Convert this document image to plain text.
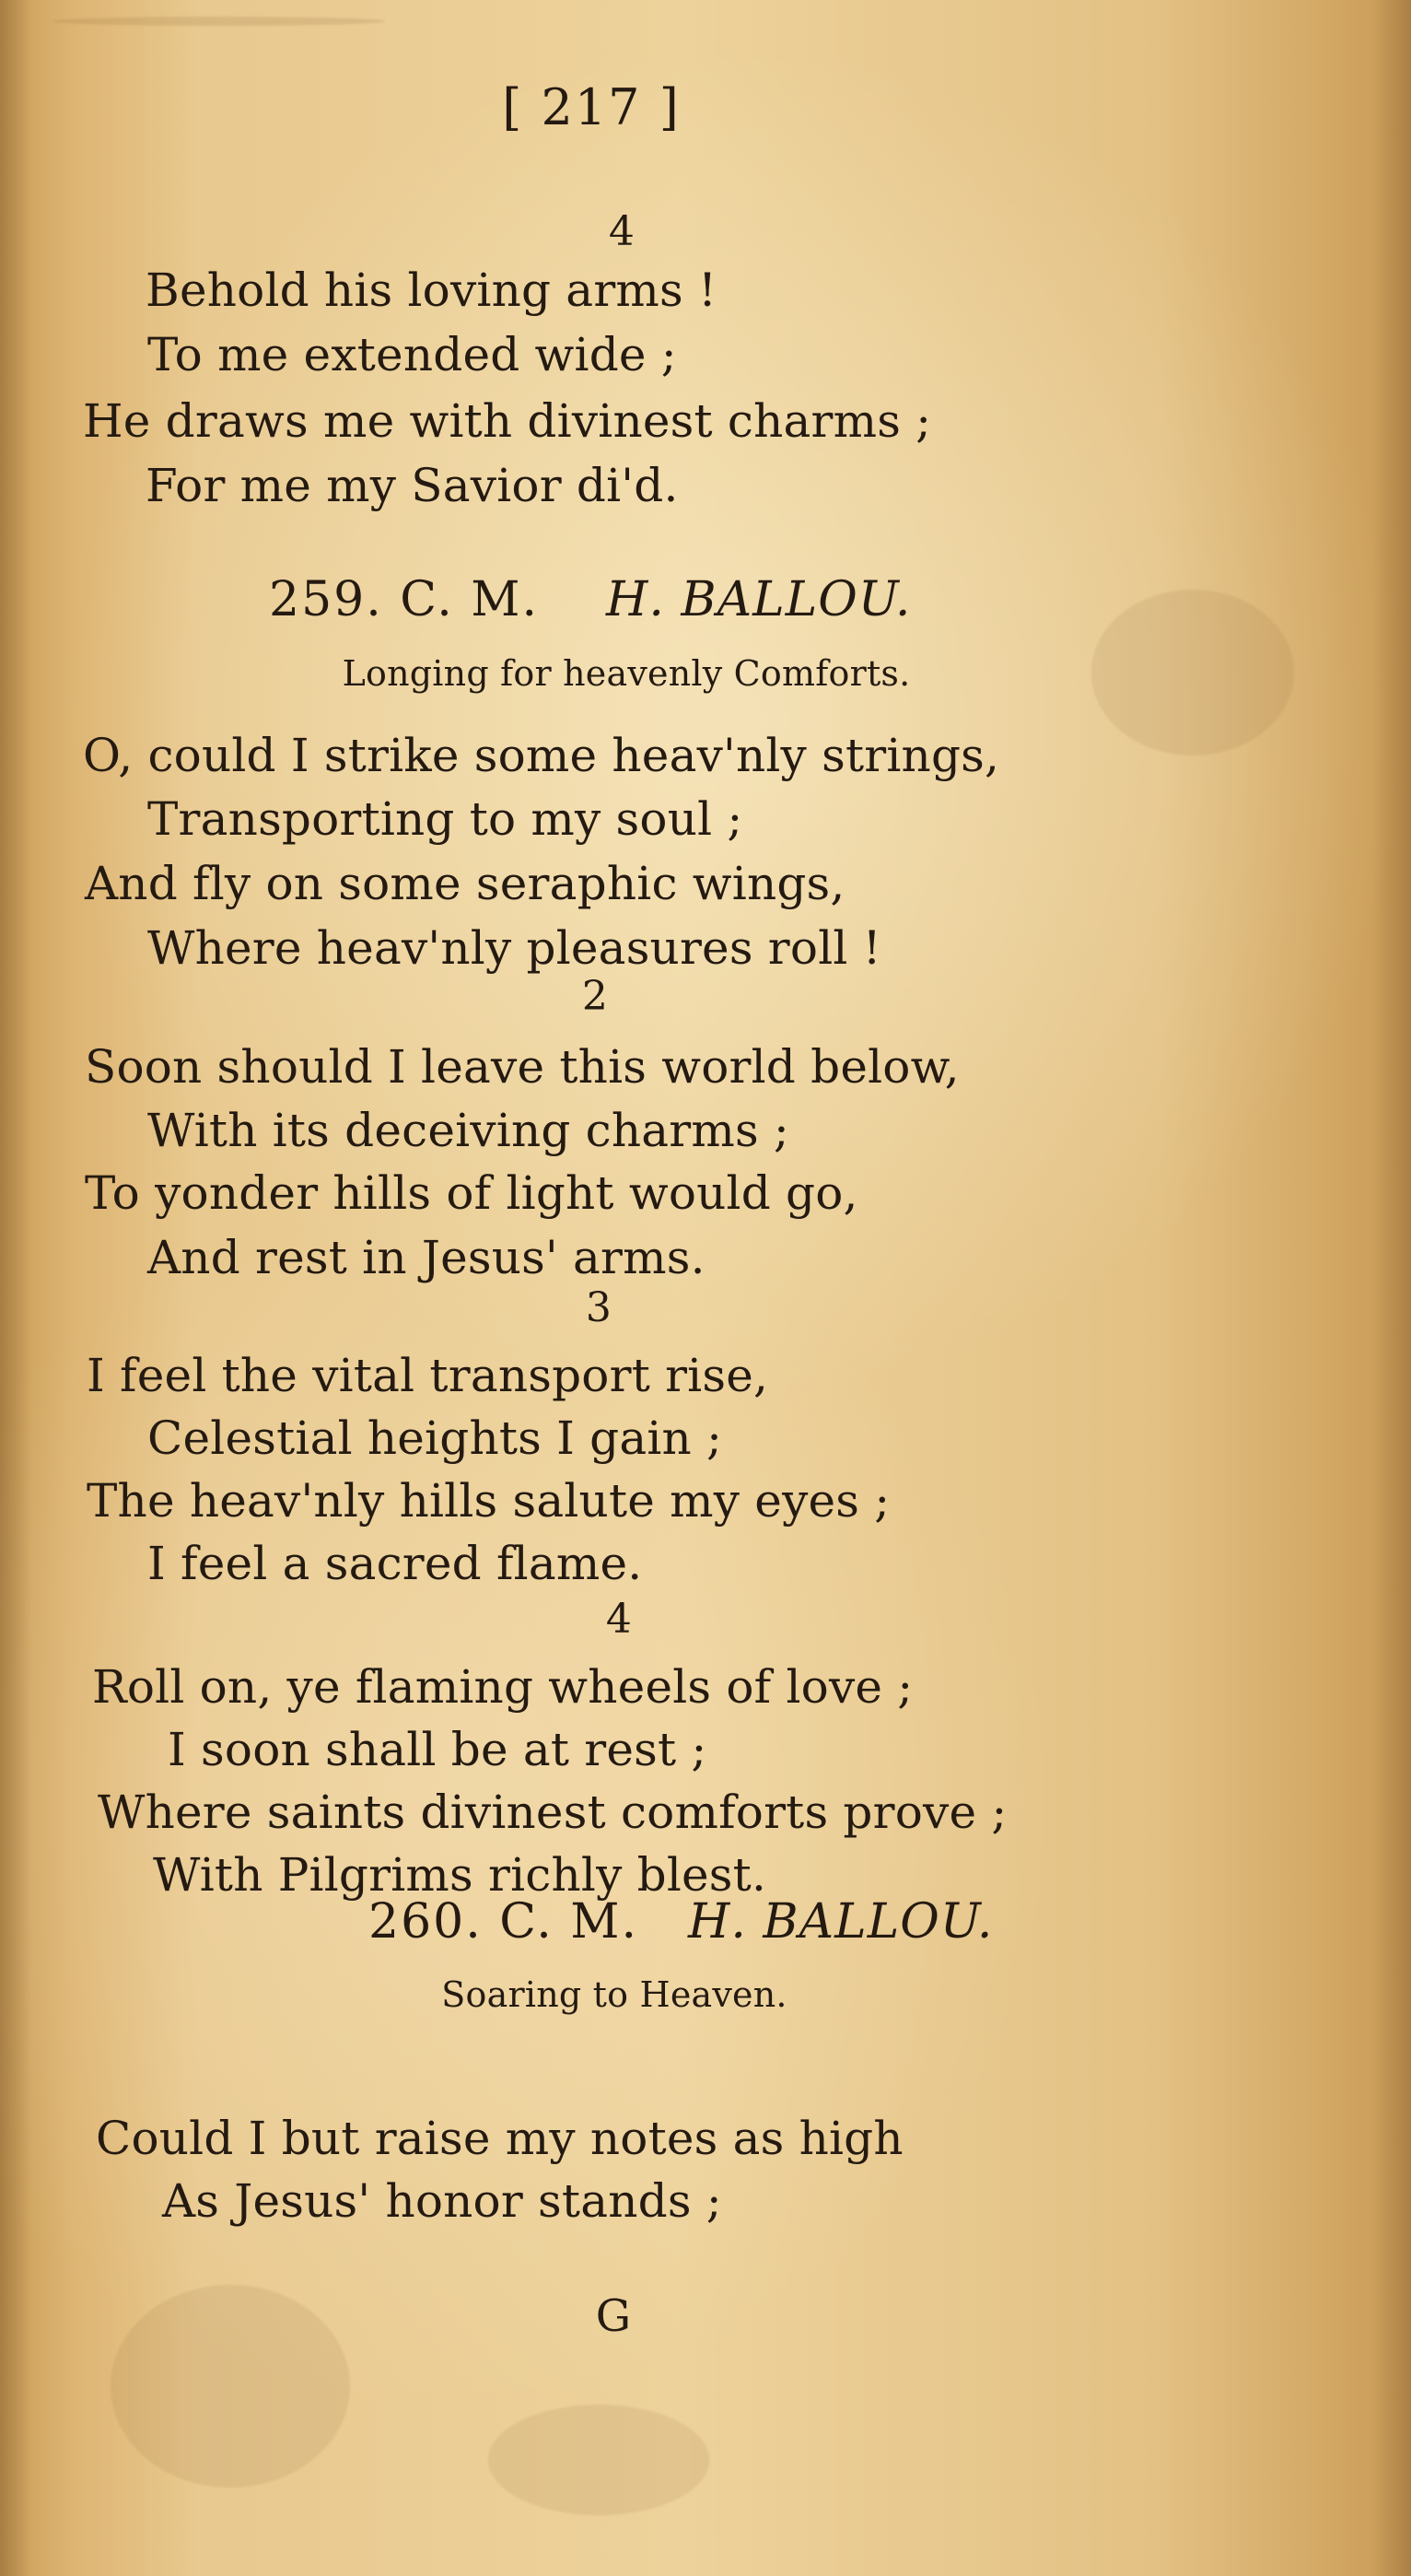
[ 217 ]
4
Behold his loving arms !
To me extended wide ;
He draws me with divinest charms ;
For me my Savior di'd.
259. C. M. H. BALLOU.
Longing for heavenly Comforts.
O, could I strike some heav'nly strings,
Transporting to my soul ;
And fly on some seraphic wings,
Where heav'nly pleasures roll !
2
Soon should I leave this world below,
With its deceiving charms ;
To yonder hills of light would go,
And rest in Jesus' arms.
3
I feel the vital transport rise,
Celestial heights I gain ;
The heav'nly hills salute my eyes ;
I feel a sacred flame.
4
Roll on, ye flaming wheels of love ;
I soon shall be at rest ;
Where saints divinest comforts prove ;
With Pilgrims richly blest.
260. C. M. H. BALLOU.
Soaring to Heaven.
Could I but raise my notes as high
As Jesus' honor stands ;
G
